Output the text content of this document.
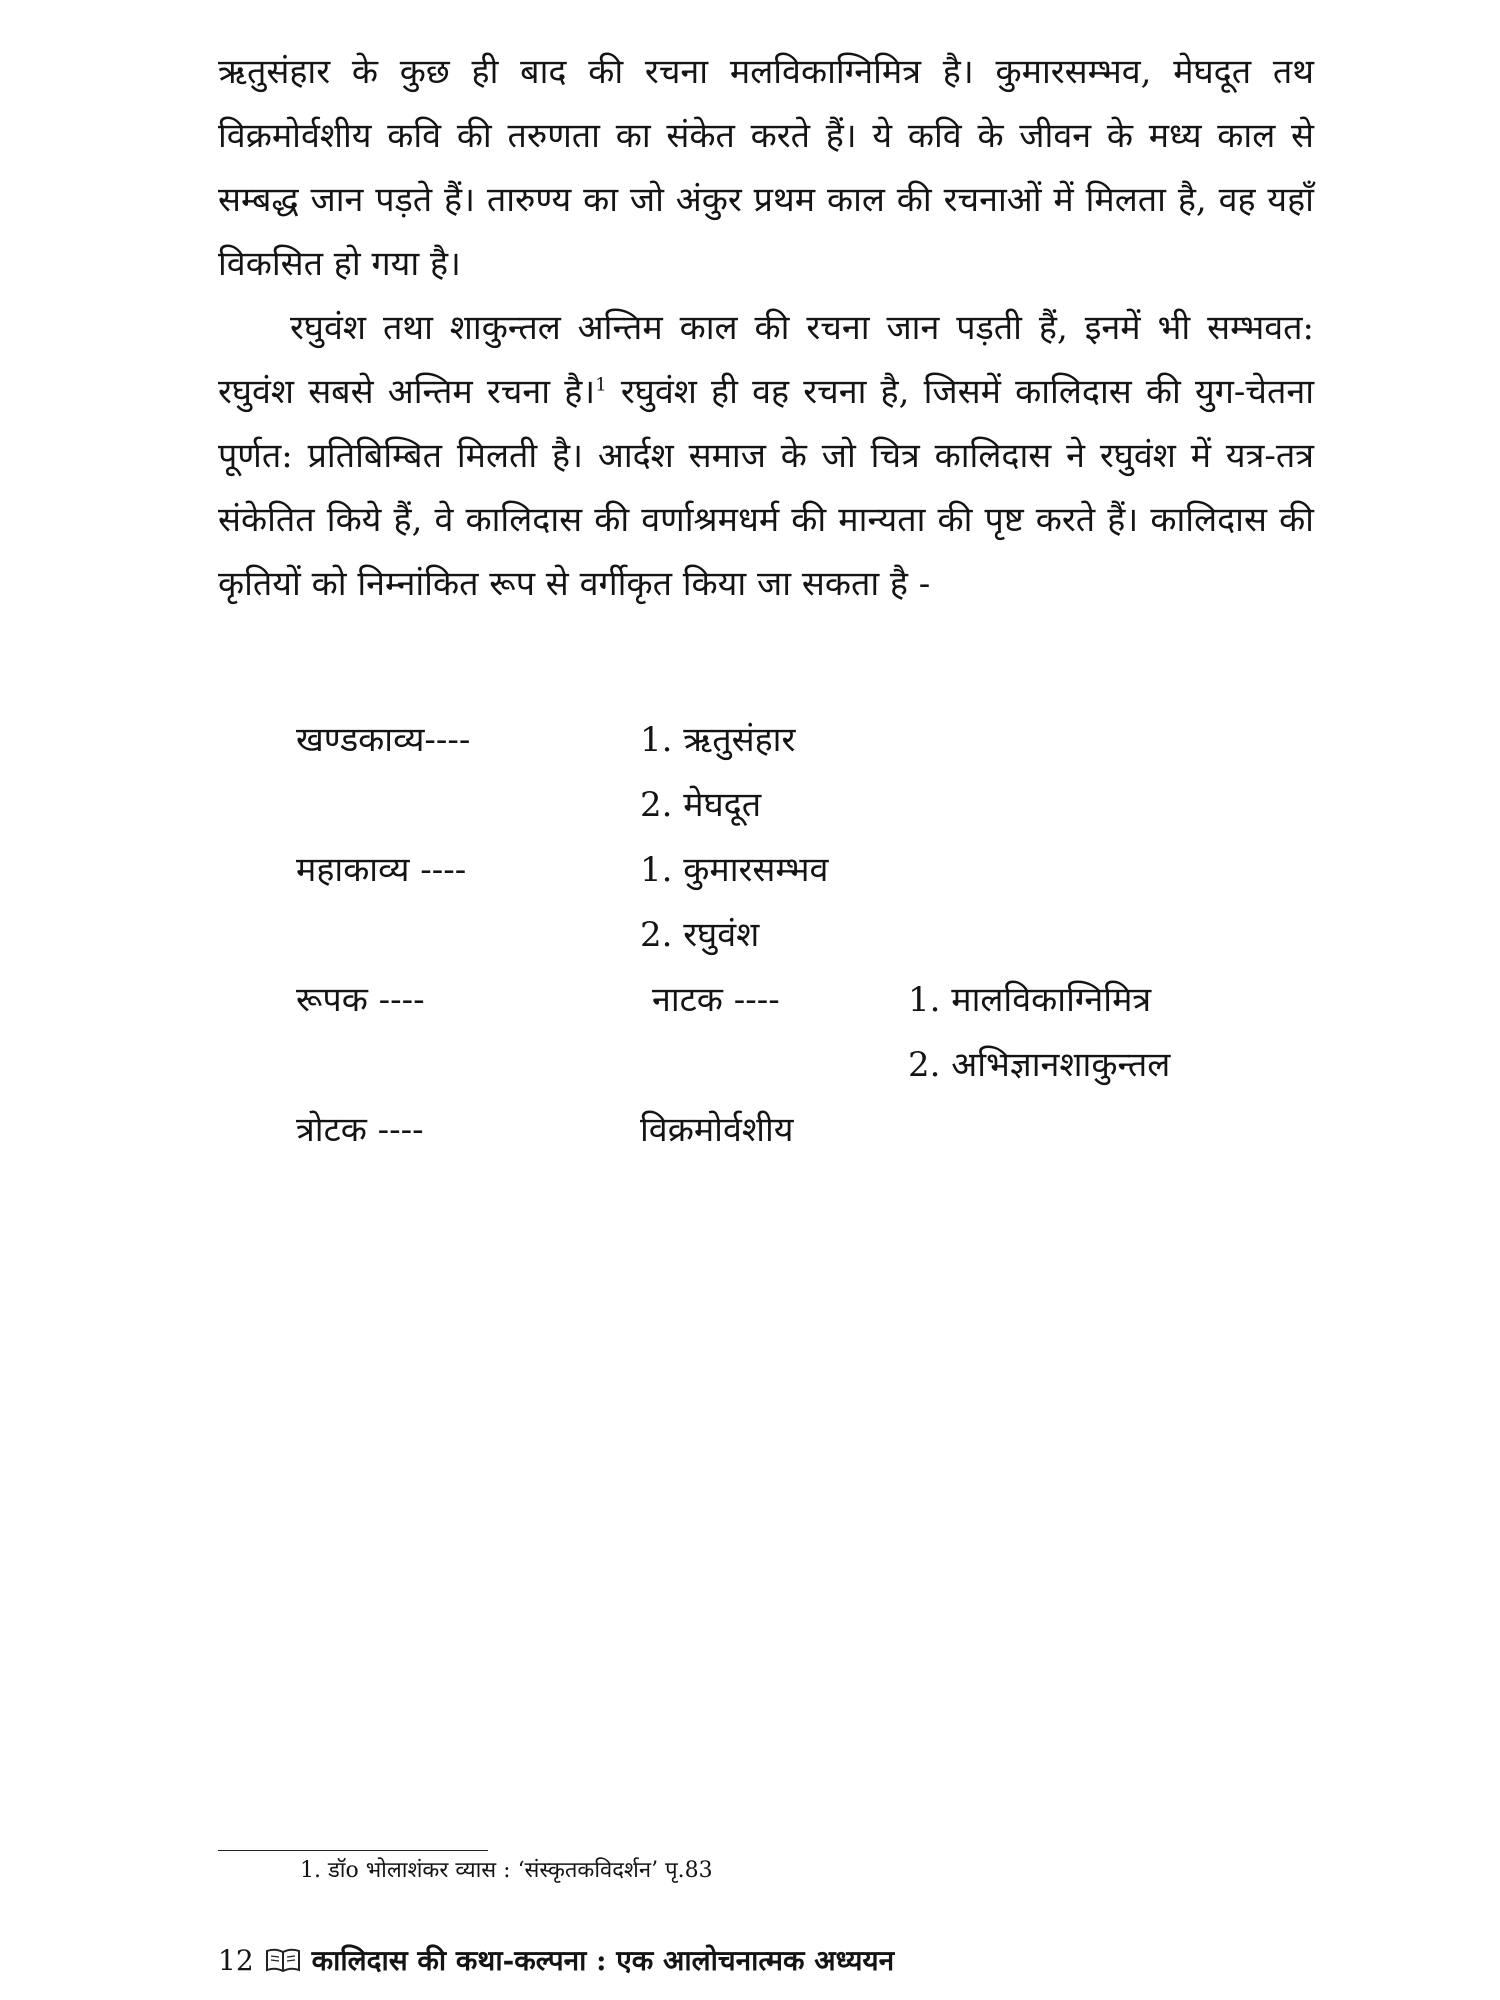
ऋतुसंहार के कुछ ही बाद की रचना मलविकाग्निमित्र है। कुमारसम्भव, मेघदूत तथ विक्रमोर्वशीय कवि की तरुणता का संकेत करते हैं। ये कवि के जीवन के मध्य काल से सम्बद्ध जान पड़ते हैं। तारुण्य का जो अंकुर प्रथम काल की रचनाओं में मिलता है, वह यहाँ विकसित हो गया है।

रघुवंश तथा शाकुन्तल अन्तिम काल की रचना जान पड़ती हैं, इनमें भी सम्भवत: रघुवंश सबसे अन्तिम रचना है।$^1$ रघुवंश ही वह रचना है, जिसमें कालिदास की युग-चेतना पूर्णत: प्रतिबिम्बित मिलती है। आर्दश समाज के जो चित्र कालिदास ने रघुवंश में यत्र-तत्र संकेतित किये हैं, वे कालिदास की वर्णाश्रमधर्म की मान्यता की पृष्ट करते हैं। कालिदास की कृतियों को निम्नांकित रूप से वर्गीकृत किया जा सकता है -

खण्डकाव्य----	1. ऋतुसंहार
2. मेघदूत
महाकाव्य ----	1. कुमारसम्भव
2. रघुवंश
रूपक ----	नाटक ----	1. मालविकाग्निमित्र
2. अभिज्ञानशाकुन्तल
त्रोटक ----	विक्रमोर्वशीय
1. डॉo भोलाशंकर व्यास : ‘संस्कृतकविदर्शन’ पृ.83
12 कालिदास की कथा-कल्पना : एक आलोचनात्मक अध्ययन
